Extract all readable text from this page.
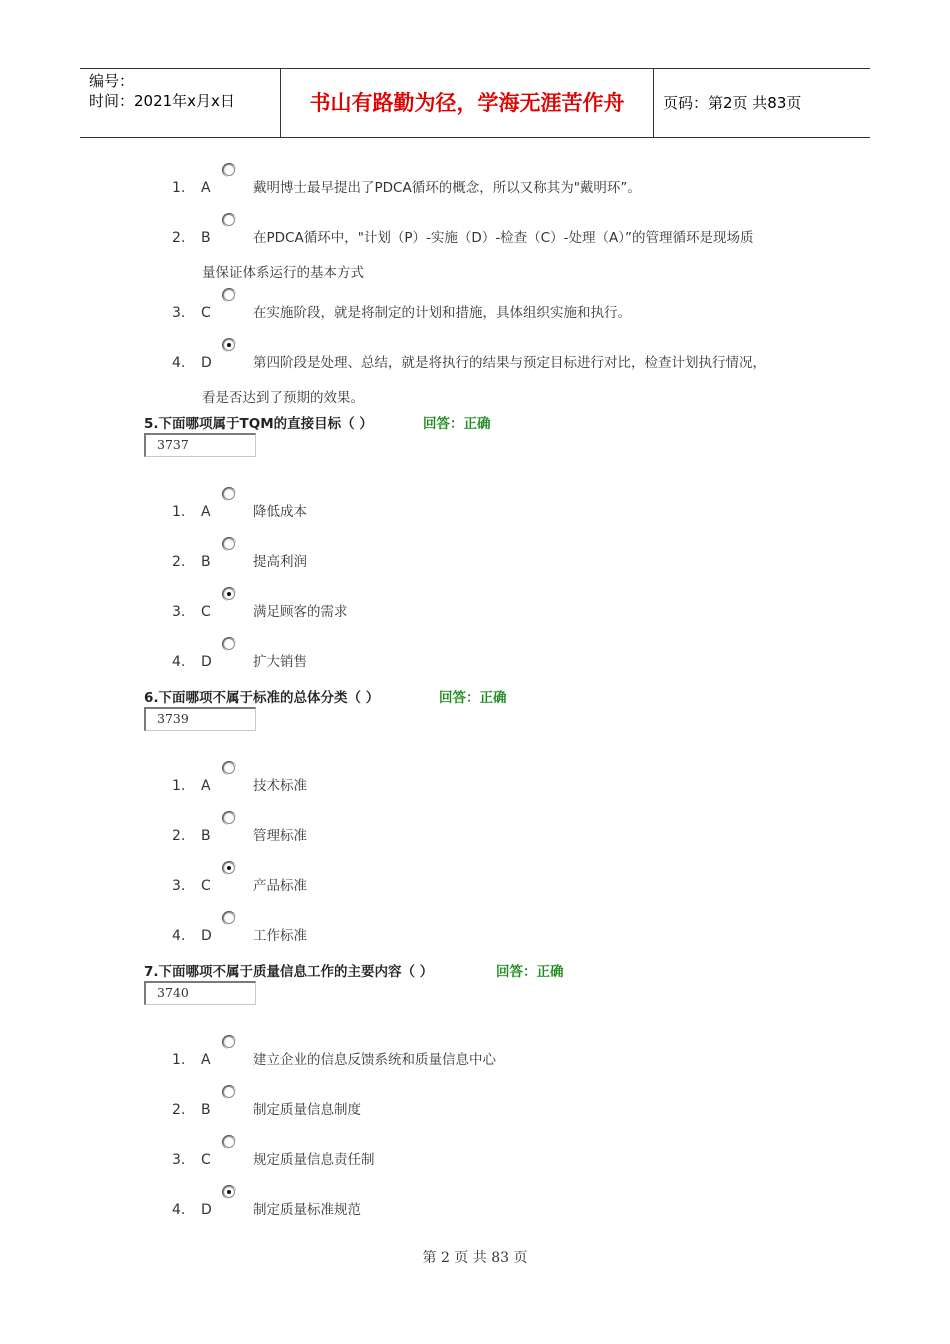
编号：
时间：2021年x月x日	书山有路勤为径，学海无涯苦作舟	页码：第2页 共83页
1. A	戴明博士最早提出了PDCA循环的概念，所以又称其为"戴明环”。
2. B	在PDCA循环中，"计划（P）-实施（D）-检查（C）-处理（A）”的管理循环是现场质
量保证体系运行的基本方式
3. C	在实施阶段，就是将制定的计划和措施，具体组织实施和执行。
4. D	第四阶段是处理、总结，就是将执行的结果与预定目标进行对比，检查计划执行情况，
看是否达到了预期的效果。
5.下面哪项属于TQM的直接目标（ ）	回答：正确
3737
1. A	降低成本
2. B	提高利润
3. C	满足顾客的需求
4. D	扩大销售
6.下面哪项不属于标准的总体分类（ ）	回答：正确
3739
1. A	技术标准
2. B	管理标准
3. C	产品标准
4. D	工作标准
7.下面哪项不属于质量信息工作的主要内容（ ）	回答：正确
3740
1. A	建立企业的信息反馈系统和质量信息中心
2. B	制定质量信息制度
3. C	规定质量信息责任制
4. D	制定质量标准规范
第 2 页 共 83 页
